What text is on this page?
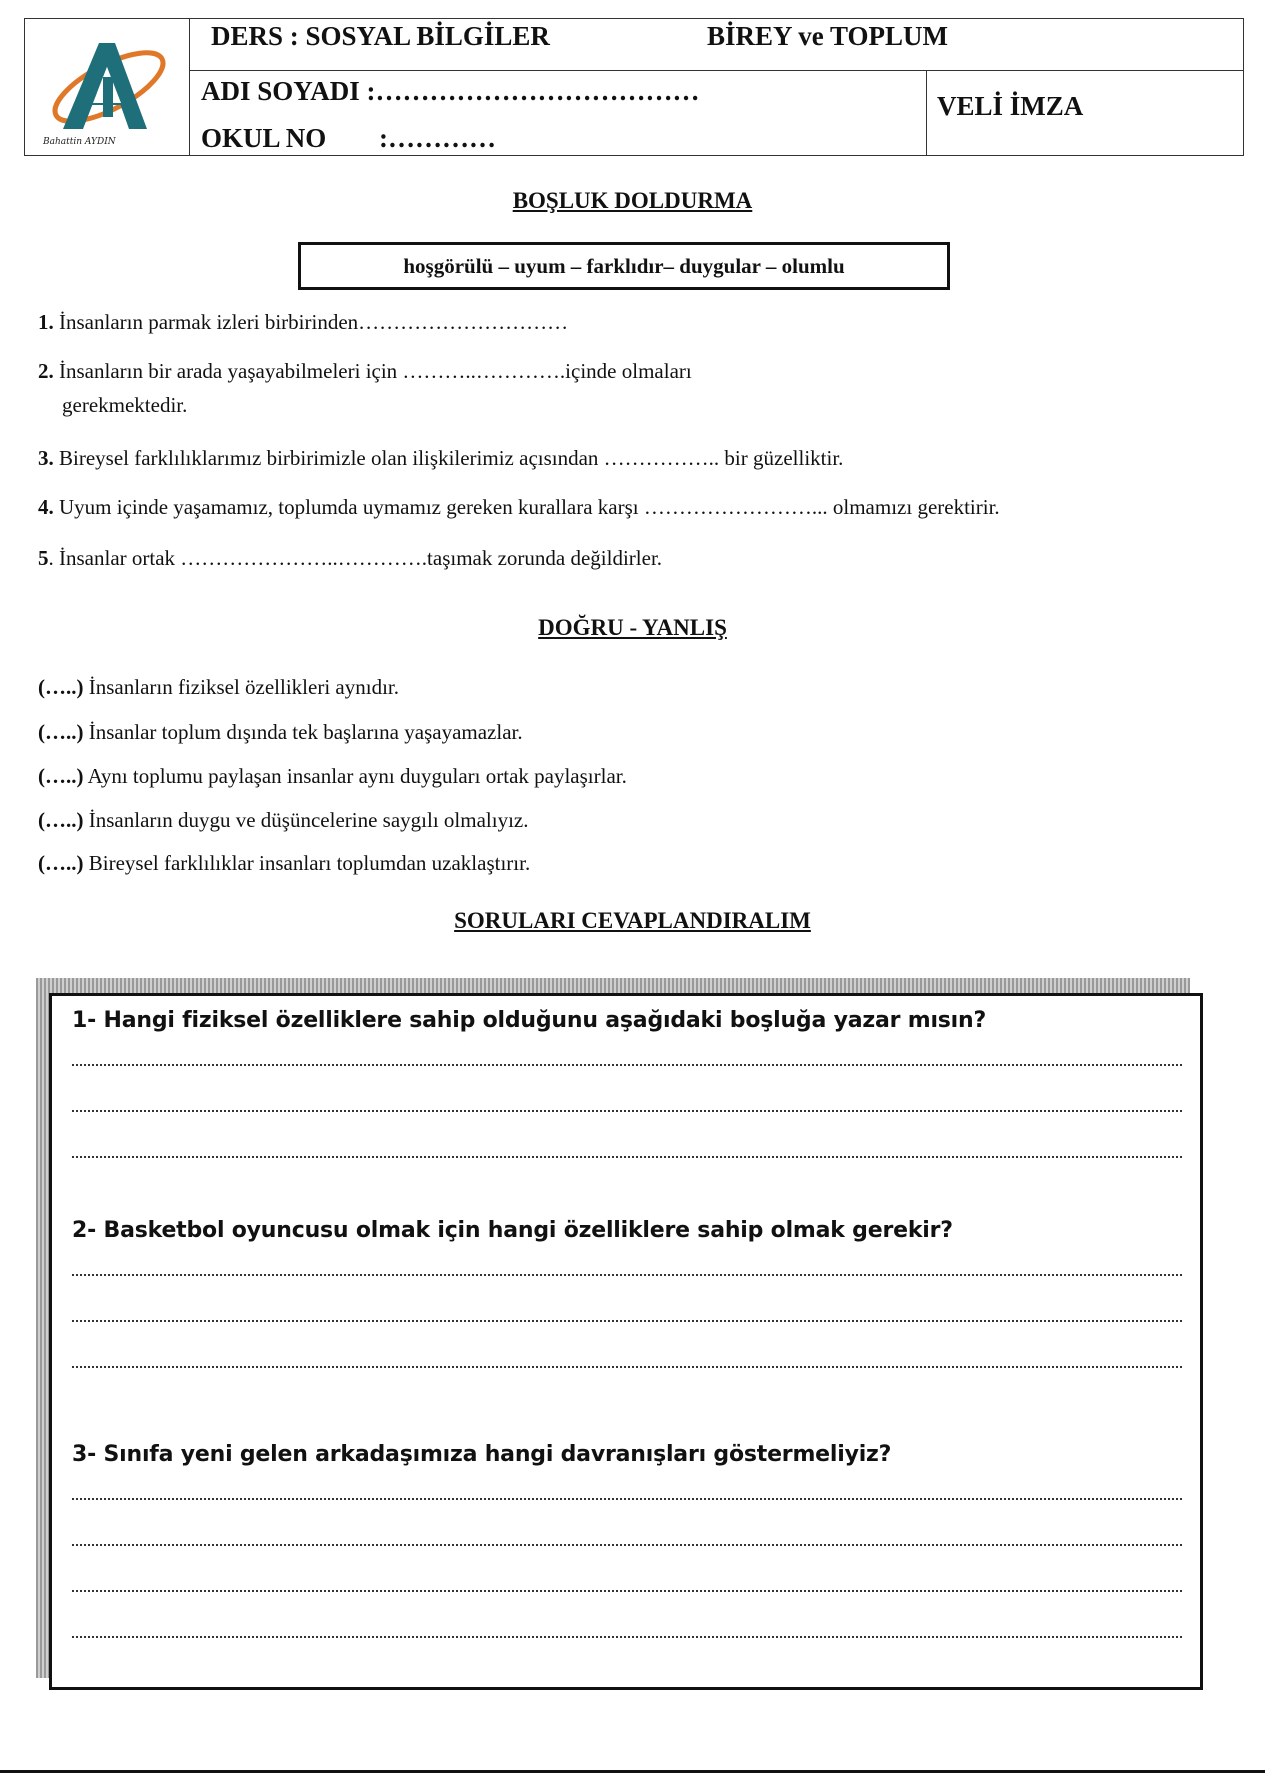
Bahattin AYDIN
DERS : SOSYAL BİLGİLER	BİREY ve TOPLUM
ADI SOYADI :………………………………
OKUL NO :…………
VELİ İMZA
BOŞLUK DOLDURMA
hoşgörülü – uyum – farklıdır– duygular – olumlu
1. İnsanların parmak izleri birbirinden…………………………
2. İnsanların bir arada yaşayabilmeleri için ………..………….içinde olmaları
gerekmektedir.
3. Bireysel farklılıklarımız birbirimizle olan ilişkilerimiz açısından …………….. bir güzelliktir.
4. Uyum içinde yaşamamız, toplumda uymamız gereken kurallara karşı ……………………... olmamızı gerektirir.
5. İnsanlar ortak …………………..………….taşımak zorunda değildirler.
DOĞRU - YANLIŞ
(…..) İnsanların fiziksel özellikleri aynıdır.
(…..) İnsanlar toplum dışında tek başlarına yaşayamazlar.
(…..) Aynı toplumu paylaşan insanlar aynı duyguları ortak paylaşırlar.
(…..) İnsanların duygu ve düşüncelerine saygılı olmalıyız.
(…..) Bireysel farklılıklar insanları toplumdan uzaklaştırır.
SORULARI CEVAPLANDIRALIM
1- Hangi fiziksel özelliklere sahip olduğunu aşağıdaki boşluğa yazar mısın?
2- Basketbol oyuncusu olmak için hangi özelliklere sahip olmak gerekir?
3- Sınıfa yeni gelen arkadaşımıza hangi davranışları göstermeliyiz?
